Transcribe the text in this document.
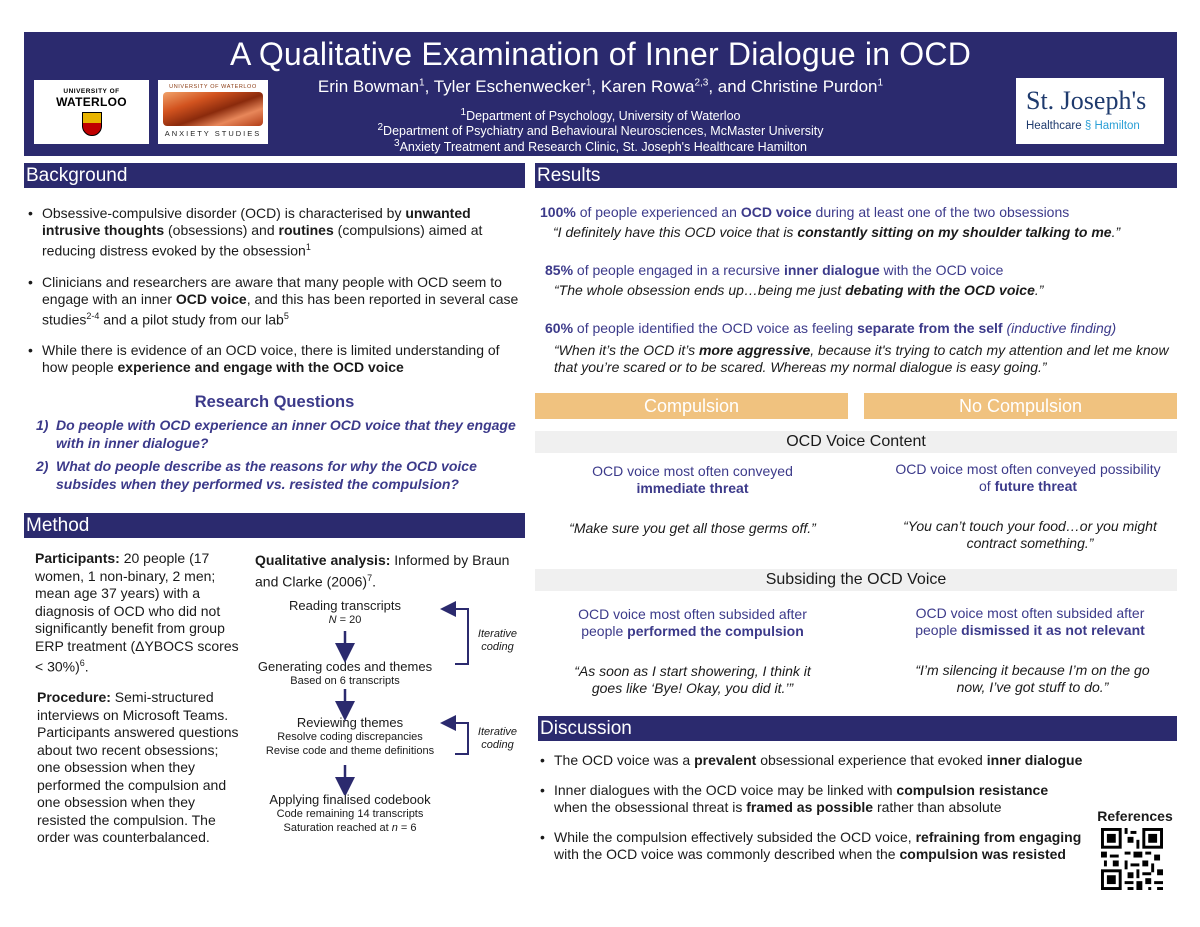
A Qualitative Examination of Inner Dialogue in OCD
Erin Bowman$^1$, Tyler Eschenwecker$^1$, Karen Rowa$^{2,3}$, and Christine Purdon$^1$
$^1$Department of Psychology, University of Waterloo
$^2$Department of Psychiatry and Behavioural Neurosciences, McMaster University
$^3$Anxiety Treatment and Research Clinic, St. Joseph's Healthcare Hamilton
UNIVERSITY OF
WATERLOO
UNIVERSITY OF WATERLOO
ANXIETY STUDIES
St. Joseph's
Healthcare § Hamilton
Background
• Obsessive-compulsive disorder (OCD) is characterised by unwanted intrusive thoughts (obsessions) and routines (compulsions) aimed at reducing distress evoked by the obsession$^1$
• Clinicians and researchers are aware that many people with OCD seem to engage with an inner OCD voice, and this has been reported in several case studies$^{2-4}$ and a pilot study from our lab$^5$
• While there is evidence of an OCD voice, there is limited understanding of how people experience and engage with the OCD voice
Research Questions
1) Do people with OCD experience an inner OCD voice that they engage with in inner dialogue?
2) What do people describe as the reasons for why the OCD voice subsides when they performed vs. resisted the compulsion?
Method
Participants: 20 people (17 women, 1 non-binary, 2 men; mean age 37 years) with a diagnosis of OCD who did not significantly benefit from group ERP treatment (ΔYBOCS scores < 30%)$^6$.
Procedure: Semi-structured interviews on Microsoft Teams. Participants answered questions about two recent obsessions; one obsession when they performed the compulsion and one obsession when they resisted the compulsion. The order was counterbalanced.
Qualitative analysis: Informed by Braun and Clarke $(2006)^7$.
Reading transcripts
N = 20
Generating codes and themes
Based on 6 transcripts
Reviewing themes
Resolve coding discrepancies
Revise code and theme definitions
Applying finalised codebook
Code remaining 14 transcripts
Saturation reached at n = 6
Iterative coding
Iterative coding
Results
100% of people experienced an OCD voice during at least one of the two obsessions
“I definitely have this OCD voice that is constantly sitting on my shoulder talking to me.”
85% of people engaged in a recursive inner dialogue with the OCD voice
“The whole obsession ends up…being me just debating with the OCD voice.”
60% of people identified the OCD voice as feeling separate from the self (inductive finding)
“When it’s the OCD it’s more aggressive, because it's trying to catch my attention and let me know that you’re scared or to be scared. Whereas my normal dialogue is easy going.”
Compulsion	No Compulsion
OCD Voice Content
OCD voice most often conveyed
immediate threat
OCD voice most often conveyed possibility of future threat
“Make sure you get all those germs off.”	“You can’t touch your food…or you might contract something.”
Subsiding the OCD Voice
OCD voice most often subsided after people performed the compulsion
OCD voice most often subsided after people dismissed it as not relevant
“As soon as I start showering, I think it goes like ‘Bye! Okay, you did it.’”
“I’m silencing it because I’m on the go now, I’ve got stuff to do.”
Discussion
• The OCD voice was a prevalent obsessional experience that evoked inner dialogue
• Inner dialogues with the OCD voice may be linked with compulsion resistance when the obsessional threat is framed as possible rather than absolute
• While the compulsion effectively subsided the OCD voice, refraining from engaging with the OCD voice was commonly described when the compulsion was resisted
References
